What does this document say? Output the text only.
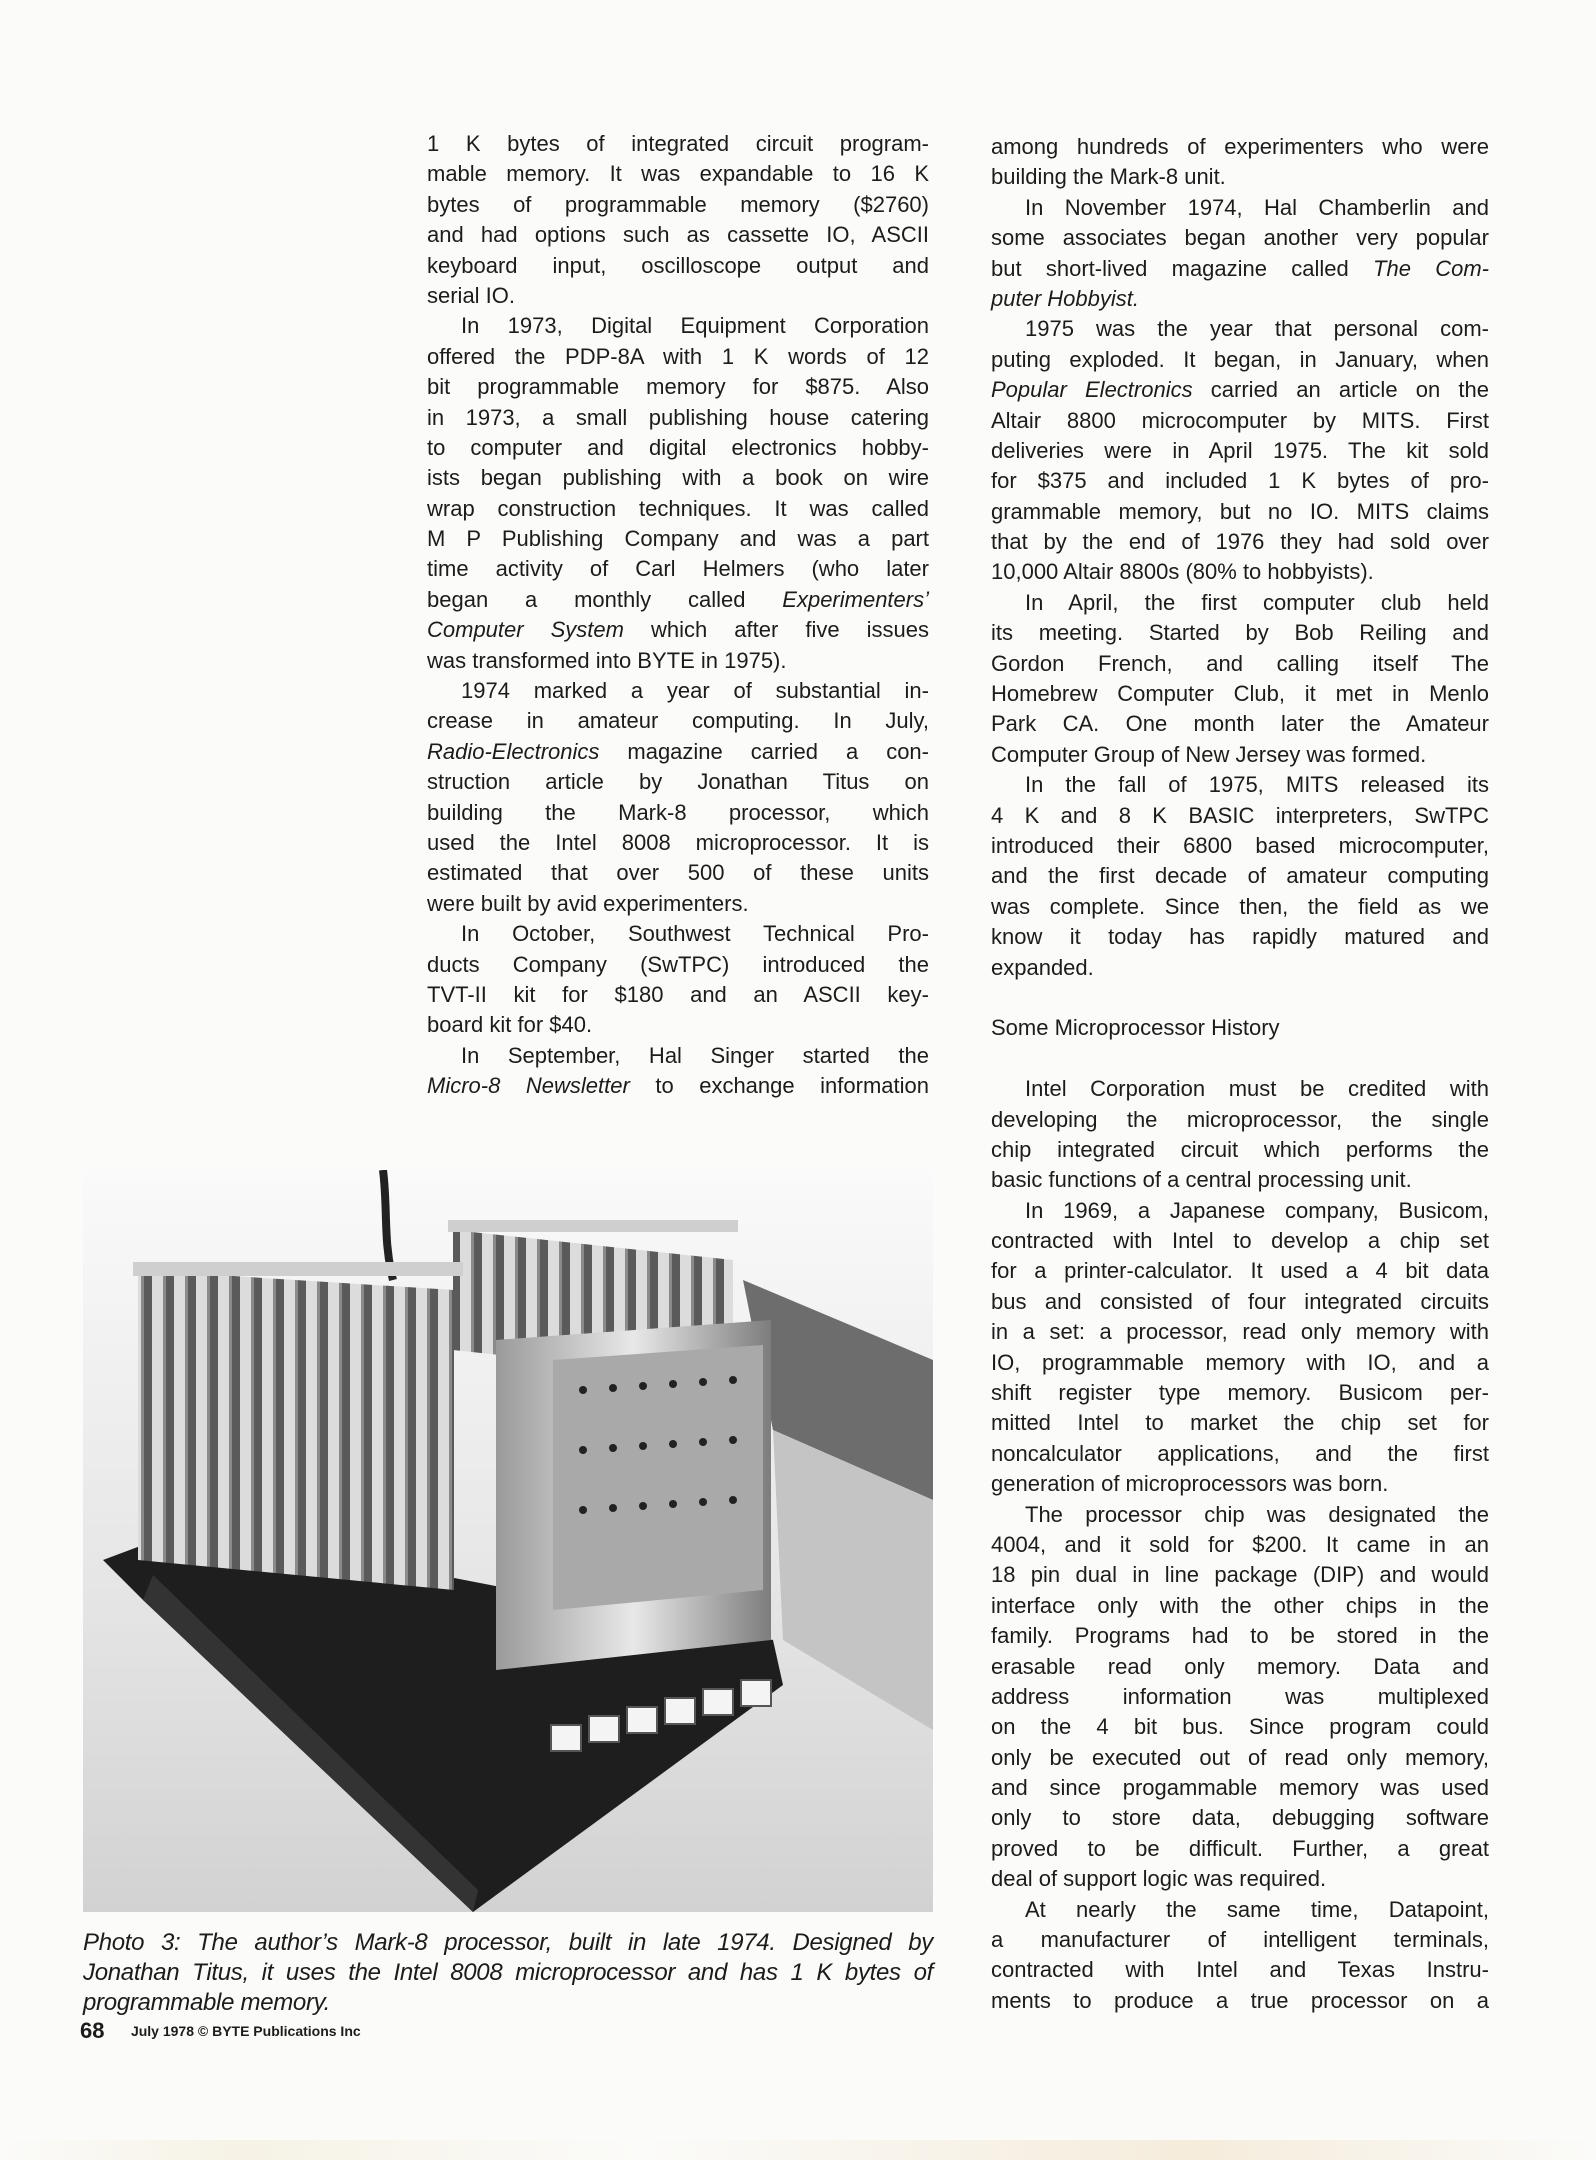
1 K bytes of integrated circuit program-
mable memory. It was expandable to 16 K
bytes of programmable memory ($2760)
and had options such as cassette IO, ASCII
keyboard input, oscilloscope output and
serial IO.
In 1973, Digital Equipment Corporation
offered the PDP-8A with 1 K words of 12
bit programmable memory for $875. Also
in 1973, a small publishing house catering
to computer and digital electronics hobby-
ists began publishing with a book on wire
wrap construction techniques. It was called
M P Publishing Company and was a part
time activity of Carl Helmers (who later
began a monthly called Experimenters’
Computer System which after five issues
was transformed into BYTE in 1975).
1974 marked a year of substantial in-
crease in amateur computing. In July,
Radio-Electronics magazine carried a con-
struction article by Jonathan Titus on
building the Mark-8 processor, which
used the Intel 8008 microprocessor. It is
estimated that over 500 of these units
were built by avid experimenters.
In October, Southwest Technical Pro-
ducts Company (SwTPC) introduced the
TVT-II kit for $180 and an ASCII key-
board kit for $40.
In September, Hal Singer started the
Micro-8 Newsletter to exchange information
among hundreds of experimenters who were
building the Mark-8 unit.
In November 1974, Hal Chamberlin and
some associates began another very popular
but short-lived magazine called The Com-
puter Hobbyist.
1975 was the year that personal com-
puting exploded. It began, in January, when
Popular Electronics carried an article on the
Altair 8800 microcomputer by MITS. First
deliveries were in April 1975. The kit sold
for $375 and included 1 K bytes of pro-
grammable memory, but no IO. MITS claims
that by the end of 1976 they had sold over
10,000 Altair 8800s (80% to hobbyists).
In April, the first computer club held
its meeting. Started by Bob Reiling and
Gordon French, and calling itself The
Homebrew Computer Club, it met in Menlo
Park CA. One month later the Amateur
Computer Group of New Jersey was formed.
In the fall of 1975, MITS released its
4 K and 8 K BASIC interpreters, SwTPC
introduced their 6800 based microcomputer,
and the first decade of amateur computing
was complete. Since then, the field as we
know it today has rapidly matured and
expanded.
Some Microprocessor History
Intel Corporation must be credited with
developing the microprocessor, the single
chip integrated circuit which performs the
basic functions of a central processing unit.
In 1969, a Japanese company, Busicom,
contracted with Intel to develop a chip set
for a printer-calculator. It used a 4 bit data
bus and consisted of four integrated circuits
in a set: a processor, read only memory with
IO, programmable memory with IO, and a
shift register type memory. Busicom per-
mitted Intel to market the chip set for
noncalculator applications, and the first
generation of microprocessors was born.
The processor chip was designated the
4004, and it sold for $200. It came in an
18 pin dual in line package (DIP) and would
interface only with the other chips in the
family. Programs had to be stored in the
erasable read only memory. Data and
address information was multiplexed
on the 4 bit bus. Since program could
only be executed out of read only memory,
and since progammable memory was used
only to store data, debugging software
proved to be difficult. Further, a great
deal of support logic was required.
At nearly the same time, Datapoint,
a manufacturer of intelligent terminals,
contracted with Intel and Texas Instru-
ments to produce a true processor on a
Photo 3: The author’s Mark-8 processor, built in late 1974. Designed by
Jonathan Titus, it uses the Intel 8008 microprocessor and has 1 K bytes of
programmable memory.
68 July 1978 © BYTE Publications Inc
